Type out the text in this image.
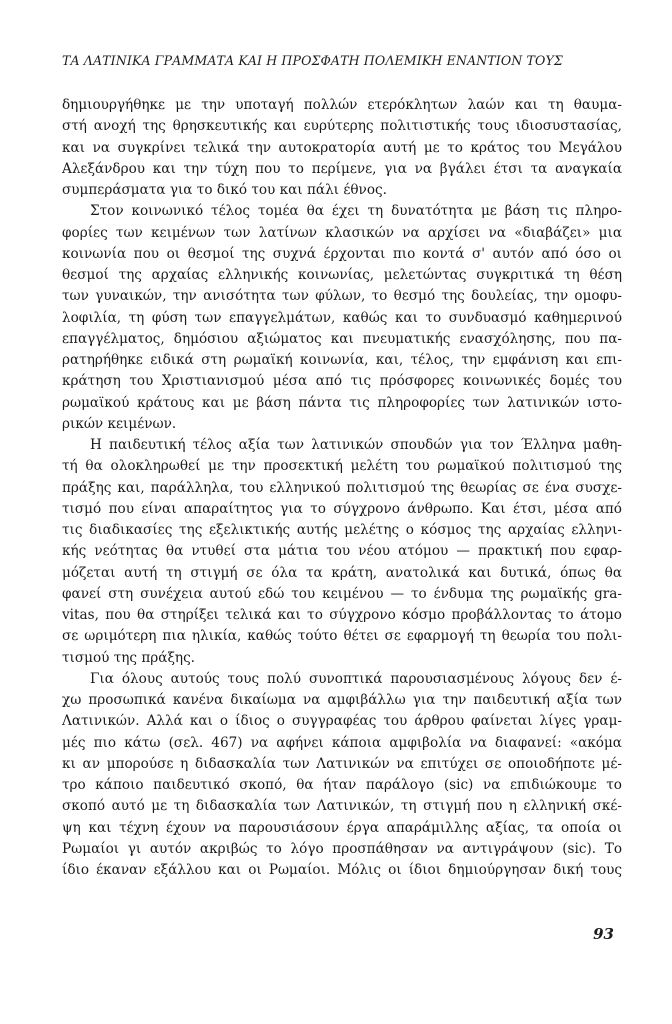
ΤΑ ΛΑΤΙΝΙΚΑ ΓΡΑΜΜΑΤΑ ΚΑΙ Η ΠΡΟΣΦΑΤΗ ΠΟΛΕΜΙΚΗ ΕΝΑΝΤΙΟΝ ΤΟΥΣ
δημιουργήθηκε με την υποταγή πολλών ετερόκλητων λαών και τη θαυμα-
στή ανοχή της θρησκευτικής και ευρύτερης πολιτιστικής τους ιδιοσυστασίας,
και να συγκρίνει τελικά την αυτοκρατορία αυτή με το κράτος του Μεγάλου
Αλεξάνδρου και την τύχη που το περίμενε, για να βγάλει έτσι τα αναγκαία
συμπεράσματα για το δικό του και πάλι έθνος.
Στον κοινωνικό τέλος τομέα θα έχει τη δυνατότητα με βάση τις πληρο-
φορίες των κειμένων των λατίνων κλασικών να αρχίσει να «διαβάζει» μια
κοινωνία που οι θεσμοί της συχνά έρχονται πιο κοντά σ' αυτόν από όσο οι
θεσμοί της αρχαίας ελληνικής κοινωνίας, μελετώντας συγκριτικά τη θέση
των γυναικών, την ανισότητα των φύλων, το θεσμό της δουλείας, την ομοφυ-
λοφιλία, τη φύση των επαγγελμάτων, καθώς και το συνδυασμό καθημερινού
επαγγέλματος, δημόσιου αξιώματος και πνευματικής ενασχόλησης, που πα-
ρατηρήθηκε ειδικά στη ρωμαϊκή κοινωνία, και, τέλος, την εμφάνιση και επι-
κράτηση του Χριστιανισμού μέσα από τις πρόσφορες κοινωνικές δομές του
ρωμαϊκού κράτους και με βάση πάντα τις πληροφορίες των λατινικών ιστο-
ρικών κειμένων.
Η παιδευτική τέλος αξία των λατινικών σπουδών για τον Έλληνα μαθη-
τή θα ολοκληρωθεί με την προσεκτική μελέτη του ρωμαϊκού πολιτισμού της
πράξης και, παράλληλα, του ελληνικού πολιτισμού της θεωρίας σε ένα συσχε-
τισμό που είναι απαραίτητος για το σύγχρονο άνθρωπο. Και έτσι, μέσα από
τις διαδικασίες της εξελικτικής αυτής μελέτης ο κόσμος της αρχαίας ελληνι-
κής νεότητας θα ντυθεί στα μάτια του νέου ατόμου — πρακτική που εφαρ-
μόζεται αυτή τη στιγμή σε όλα τα κράτη, ανατολικά και δυτικά, όπως θα
φανεί στη συνέχεια αυτού εδώ του κειμένου — το ένδυμα της ρωμαϊκής gra-
vitas, που θα στηρίξει τελικά και το σύγχρονο κόσμο προβάλλοντας το άτομο
σε ωριμότερη πια ηλικία, καθώς τούτο θέτει σε εφαρμογή τη θεωρία του πολι-
τισμού της πράξης.
Για όλους αυτούς τους πολύ συνοπτικά παρουσιασμένους λόγους δεν έ-
χω προσωπικά κανένα δικαίωμα να αμφιβάλλω για την παιδευτική αξία των
Λατινικών. Αλλά και ο ίδιος ο συγγραφέας του άρθρου φαίνεται λίγες γραμ-
μές πιο κάτω (σελ. 467) να αφήνει κάποια αμφιβολία να διαφανεί: «ακόμα
κι αν μπορούσε η διδασκαλία των Λατινικών να επιτύχει σε οποιοδήποτε μέ-
τρο κάποιο παιδευτικό σκοπό, θα ήταν παράλογο (sic) να επιδιώκουμε το
σκοπό αυτό με τη διδασκαλία των Λατινικών, τη στιγμή που η ελληνική σκέ-
ψη και τέχνη έχουν να παρουσιάσουν έργα απαράμιλλης αξίας, τα οποία οι
Ρωμαίοι γι αυτόν ακριβώς το λόγο προσπάθησαν να αντιγράψουν (sic). Το
ίδιο έκαναν εξάλλου και οι Ρωμαίοι. Μόλις οι ίδιοι δημιούργησαν δική τους
93
